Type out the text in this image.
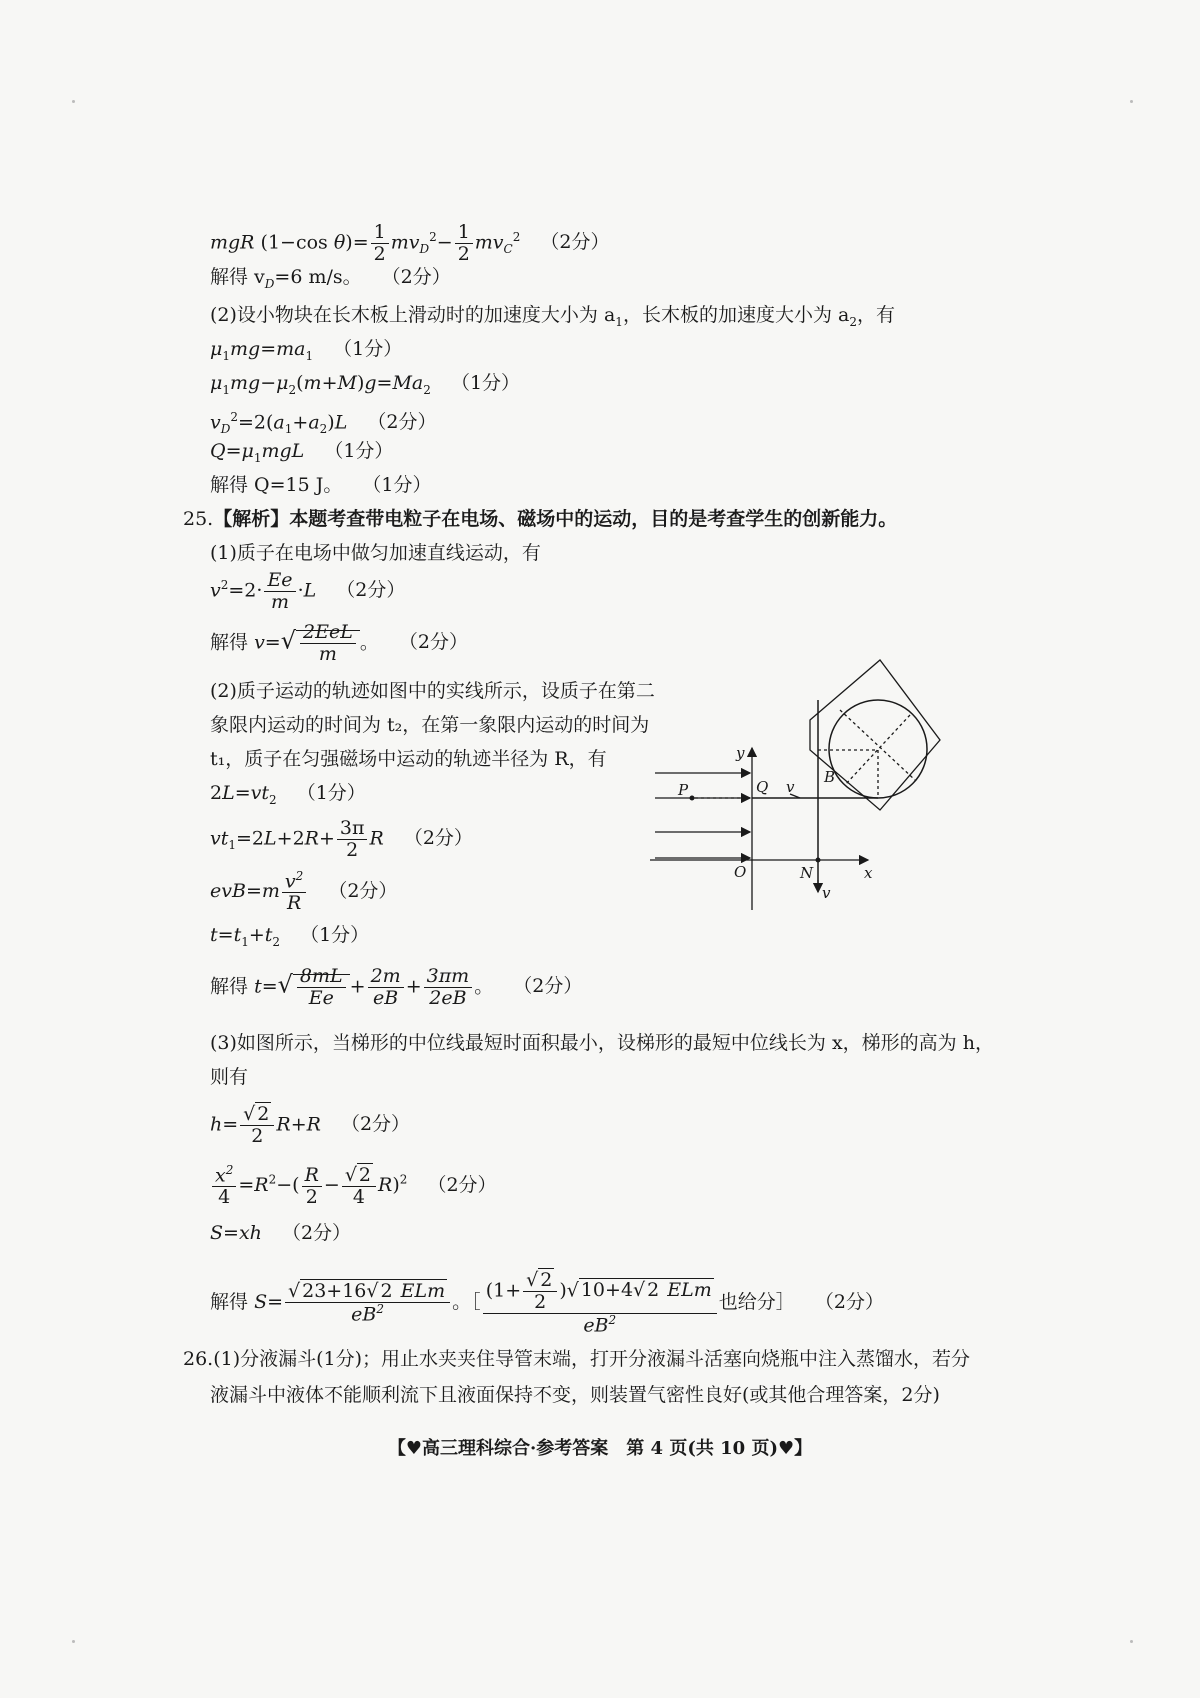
mgR (1−cos $\theta)= \frac{1}{2} mv_D^2- \frac{1}{2} mv_C^2$ （2分）
解得 $v_D=6$ m/s。 （2分）
(2)设小物块在长木板上滑动时的加速度大小为 $a_1$，长木板的加速度大小为 $a_2$，有
$\mu_1mg=ma_1$ （1分）
$\mu_1mg-\mu_2(m+M)g=Ma_2$ （1分）
$v_D^2=2(a_1+a_2)L$ （2分）
$Q=\mu_1mgL$ （1分）
解得 Q=15 J。 （1分）
25.【解析】本题考查带电粒子在电场、磁场中的运动，目的是考查学生的创新能力。
(1)质子在电场中做匀加速直线运动，有
$v^2=2\cdot \frac{Ee}{m} \cdot L$ （2分）
解得 $v=√ \frac{\text{2EeL}}{m}$ 。 （2分）
(2)质子运动的轨迹如图中的实线所示，设质子在第二
象限内运动的时间为 t₂，在第一象限内运动的时间为
t₁，质子在匀强磁场中运动的轨迹半径为 R，有
$2L=vt_2$ （1分）
$vt_1=2L+2R+ \frac{3\pi}{2}$ R （2分）
$evB=m \frac{v^2}{R} (2$分）
$t=t_1+t_2$ （1分）
解得 $t=√ \frac{8mL}{Ee} + \frac{2m}{eB} + \frac{3\pi m}{2eB}$ 。 （2分）
(3)如图所示，当梯形的中位线最短时面积最小，设梯形的最短中位线长为 x，梯形的高为 h，
则有
$h= \frac{√ 2}{2} R+R$ （2分）
$\frac{x^2}{4} =R^2-( \frac{R}{2} - \frac{√ 2}{4} R)^2$ （2分）
S=xh （2分）
解得 $S= \frac{\text{√ 23+16√ 2 ELm}}{eB^2}$ 。［ $\frac{(1+ \frac{√ 2}{2} )√ 10+4√ 2 ELm}{eB^2}$ 也给分］ （2分）
26.(1)分液漏斗(1分)；用止水夹夹住导管末端，打开分液漏斗活塞向烧瓶中注入蒸馏水，若分
液漏斗中液体不能顺利流下且液面保持不变，则装置气密性良好(或其他合理答案，2分)
【♥高三理科综合·参考答案　第 4 页(共 10 页)♥】
y
x
O
P	Q v
B
N
v
